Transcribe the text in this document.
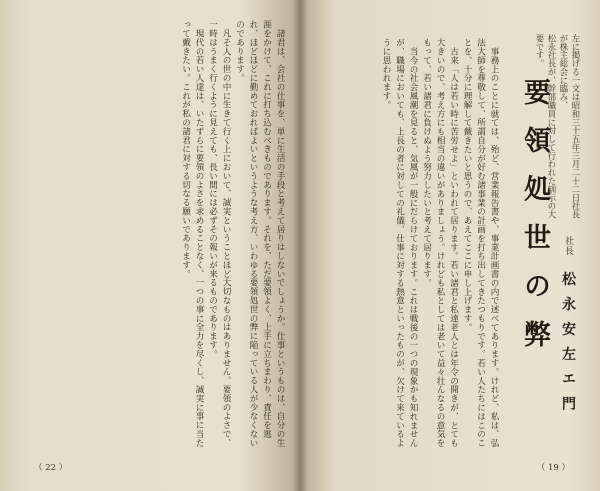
　諸君は、会社の仕事を、単に生活の手段と考えて居りはしないでしょうか。仕事というものは、自分の生涯をかけて、これに打ち込むべきものであります。それを、ただ要領よく、上手に立ちまわり、責任を逃れ、ほどほどに勤めておればよいというような考え方、いわゆる要領処世の弊に陥っている人が少なくないのであります。
　凡そ人の世の中に生きて行く上において、誠実ということほど大切なものはありません。要領のよさで、一時はうまく行くように見えても、長い間には必ずその報いが来るものであります。
　現代の若い人達は、いたずらに要領のよさを求めることなく、一つの事に全力を尽くし、誠実に事に当たって戴きたい。これが私の諸君に対する切なる願いであります。
（ 22 ）
要 領 処 世 の 弊	左に掲げる一文は昭和三十五年三月二十二日社長が株主総会に臨み、
松永社長が、幹部職員に対して行われた訓示の大要です。
社長 松 永 安 左 エ 門
　事務上のことに就ては、殆ど、営業報告書や、事業計画書の内で述べてあります。けれど、私は、弘法大師を尊敬して、所謂自分が好む諸事業の計画を打ち出してきたつもりです。若い人たちにはこのことを、十分に理解して戴きたいと思うので、あえてここに申し上げます。
　古来「人は若い時に苦労せよ」といわれて居ります。若い諸君と私達老人とは年令の開きが、とても大きいので、考え方にも相当の違いがありましょう。けれども私としては老いて益々壮んなるの意気をもって、若い諸君に負けぬよう努力したいと考えて居ります。
　当今の社会風潮を見ると、気風が一般にだらけております。これは戦後の一つの現象かも知れませんが、職場においても、上長の者に対しての礼儀、仕事に対する熱意といったものが、欠けて来ているように思われます。
（ 19 ）
